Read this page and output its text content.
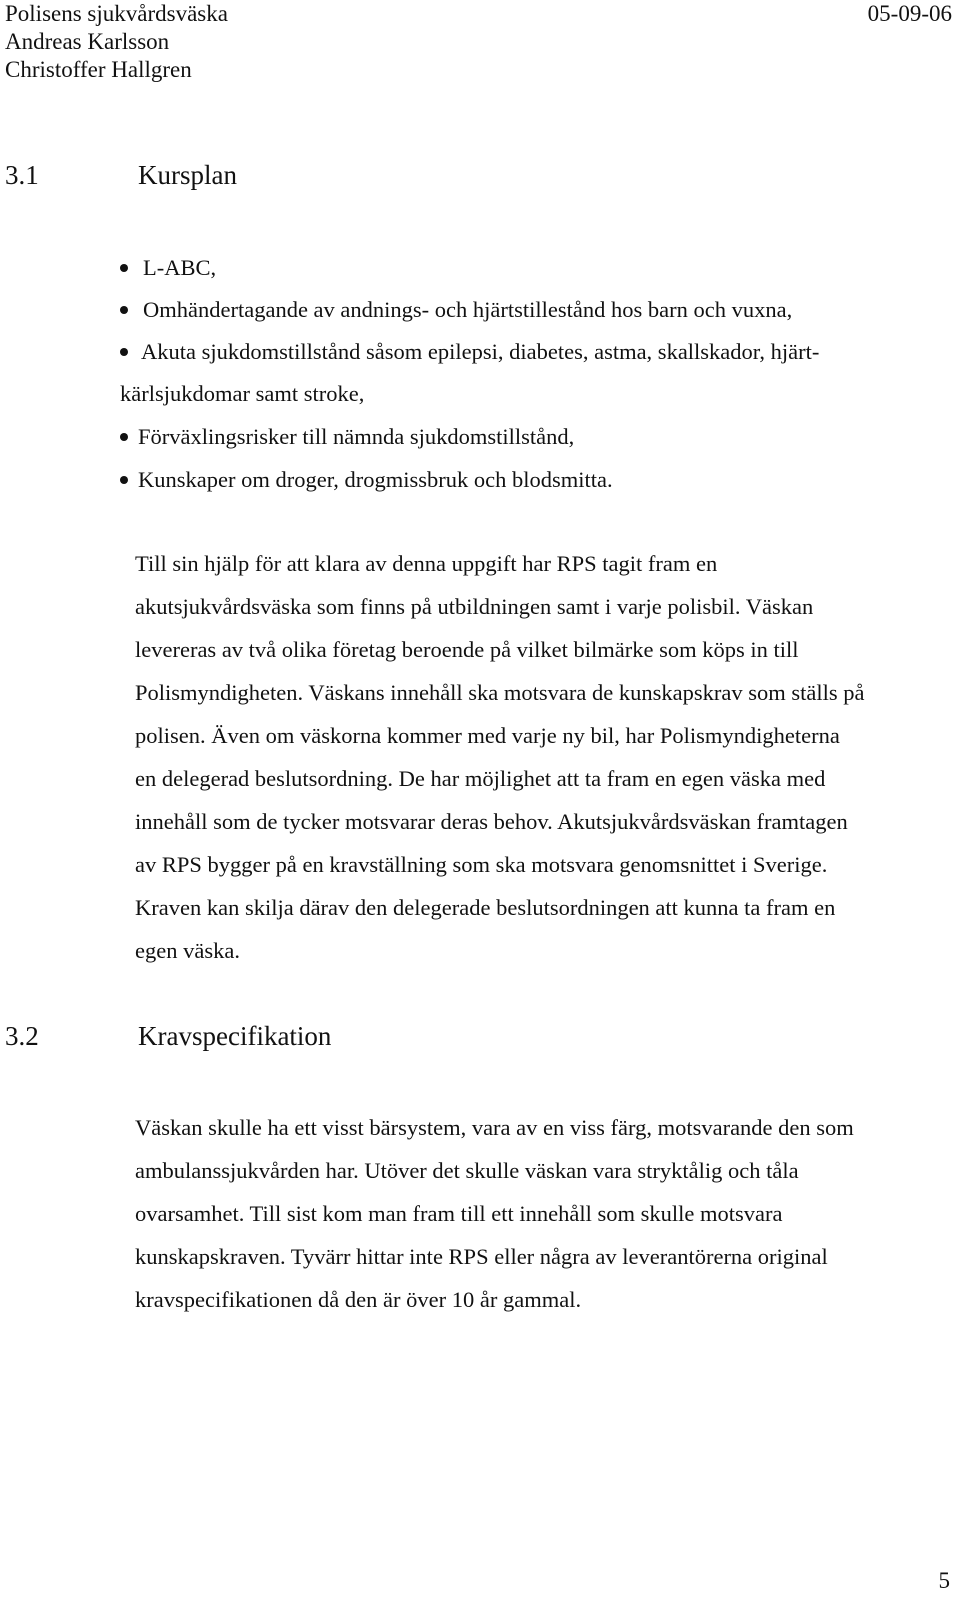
Polisens sjukvårdsväska	05-09-06
Andreas Karlsson
Christoffer Hallgren
3.1	Kursplan
L-ABC,
Omhändertagande av andnings- och hjärtstillestånd hos barn och vuxna,
Akuta sjukdomstillstånd såsom epilepsi, diabetes, astma, skallskador, hjärt-
kärlsjukdomar samt stroke,
Förväxlingsrisker till nämnda sjukdomstillstånd,
Kunskaper om droger, drogmissbruk och blodsmitta.
Till sin hjälp för att klara av denna uppgift har RPS tagit fram en
akutsjukvårdsväska som finns på utbildningen samt i varje polisbil. Väskan
levereras av två olika företag beroende på vilket bilmärke som köps in till
Polismyndigheten. Väskans innehåll ska motsvara de kunskapskrav som ställs på
polisen. Även om väskorna kommer med varje ny bil, har Polismyndigheterna
en delegerad beslutsordning. De har möjlighet att ta fram en egen väska med
innehåll som de tycker motsvarar deras behov. Akutsjukvårdsväskan framtagen
av RPS bygger på en kravställning som ska motsvara genomsnittet i Sverige.
Kraven kan skilja därav den delegerade beslutsordningen att kunna ta fram en
egen väska.
3.2	Kravspecifikation
Väskan skulle ha ett visst bärsystem, vara av en viss färg, motsvarande den som
ambulanssjukvården har. Utöver det skulle väskan vara stryktålig och tåla
ovarsamhet. Till sist kom man fram till ett innehåll som skulle motsvara
kunskapskraven. Tyvärr hittar inte RPS eller några av leverantörerna original
kravspecifikationen då den är över 10 år gammal.
5
